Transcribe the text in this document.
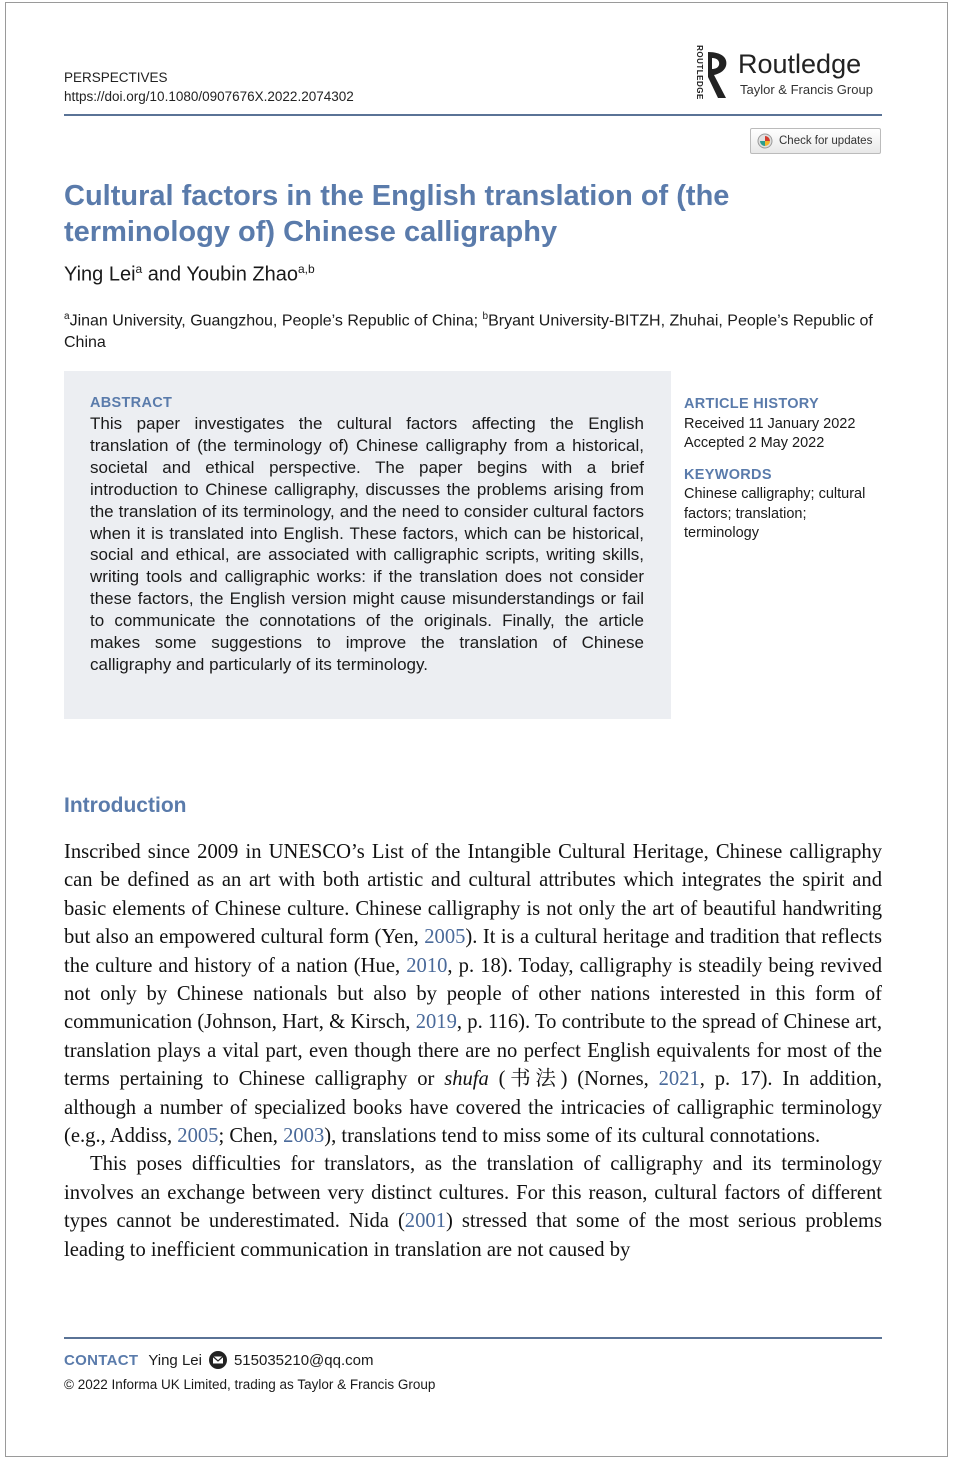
PERSPECTIVES
https://doi.org/10.1080/0907676X.2022.2074302	ROUTLEDGE Routledge
Taylor & Francis Group
Check for updates
Cultural factors in the English translation of (the terminology of) Chinese calligraphy
Ying Lei$^a$ and Youbin Zhao$^{a,b}$
$^a$Jinan University, Guangzhou, People’s Republic of China; $^b$Bryant University-BITZH, Zhuhai, People’s Republic of China
ABSTRACT

This paper investigates the cultural factors affecting the English translation of (the terminology of) Chinese calligraphy from a historical, societal and ethical perspective. The paper begins with a brief introduction to Chinese calligraphy, discusses the problems arising from the translation of its terminology, and the need to consider cultural factors when it is translated into English. These factors, which can be historical, social and ethical, are associated with calligraphic scripts, writing skills, writing tools and calligraphic works: if the translation does not consider these factors, the English version might cause misunderstandings or fail to communicate the connotations of the originals. Finally, the article makes some suggestions to improve the translation of Chinese calligraphy and particularly of its terminology.

ARTICLE HISTORY
Received 11 January 2022
Accepted 2 May 2022
KEYWORDS
Chinese calligraphy; cultural factors; translation; terminology
Introduction

Inscribed since 2009 in UNESCO’s List of the Intangible Cultural Heritage, Chinese calligraphy can be defined as an art with both artistic and cultural attributes which integrates the spirit and basic elements of Chinese culture. Chinese calligraphy is not only the art of beautiful handwriting but also an empowered cultural form (Yen, 2005). It is a cultural heritage and tradition that reflects the culture and history of a nation (Hue, 2010, p. 18). Today, calligraphy is steadily being revived not only by Chinese nationals but also by people of other nations interested in this form of communication (Johnson, Hart, & Kirsch, 2019, p. 116). To contribute to the spread of Chinese art, translation plays a vital part, even though there are no perfect English equivalents for most of the terms pertaining to Chinese calligraphy or shufa (书法) (Nornes, 2021, p. 17). In addition, although a number of specialized books have covered the intricacies of calligraphic terminology (e.g., Addiss, 2005; Chen, 2003), translations tend to miss some of its cultural connotations.

This poses difficulties for translators, as the translation of calligraphy and its terminology involves an exchange between very distinct cultures. For this reason, cultural factors of different types cannot be underestimated. Nida (2001) stressed that some of the most serious problems leading to inefficient communication in translation are not caused by

CONTACT Ying Lei 515035210@qq.com
© 2022 Informa UK Limited, trading as Taylor & Francis Group
